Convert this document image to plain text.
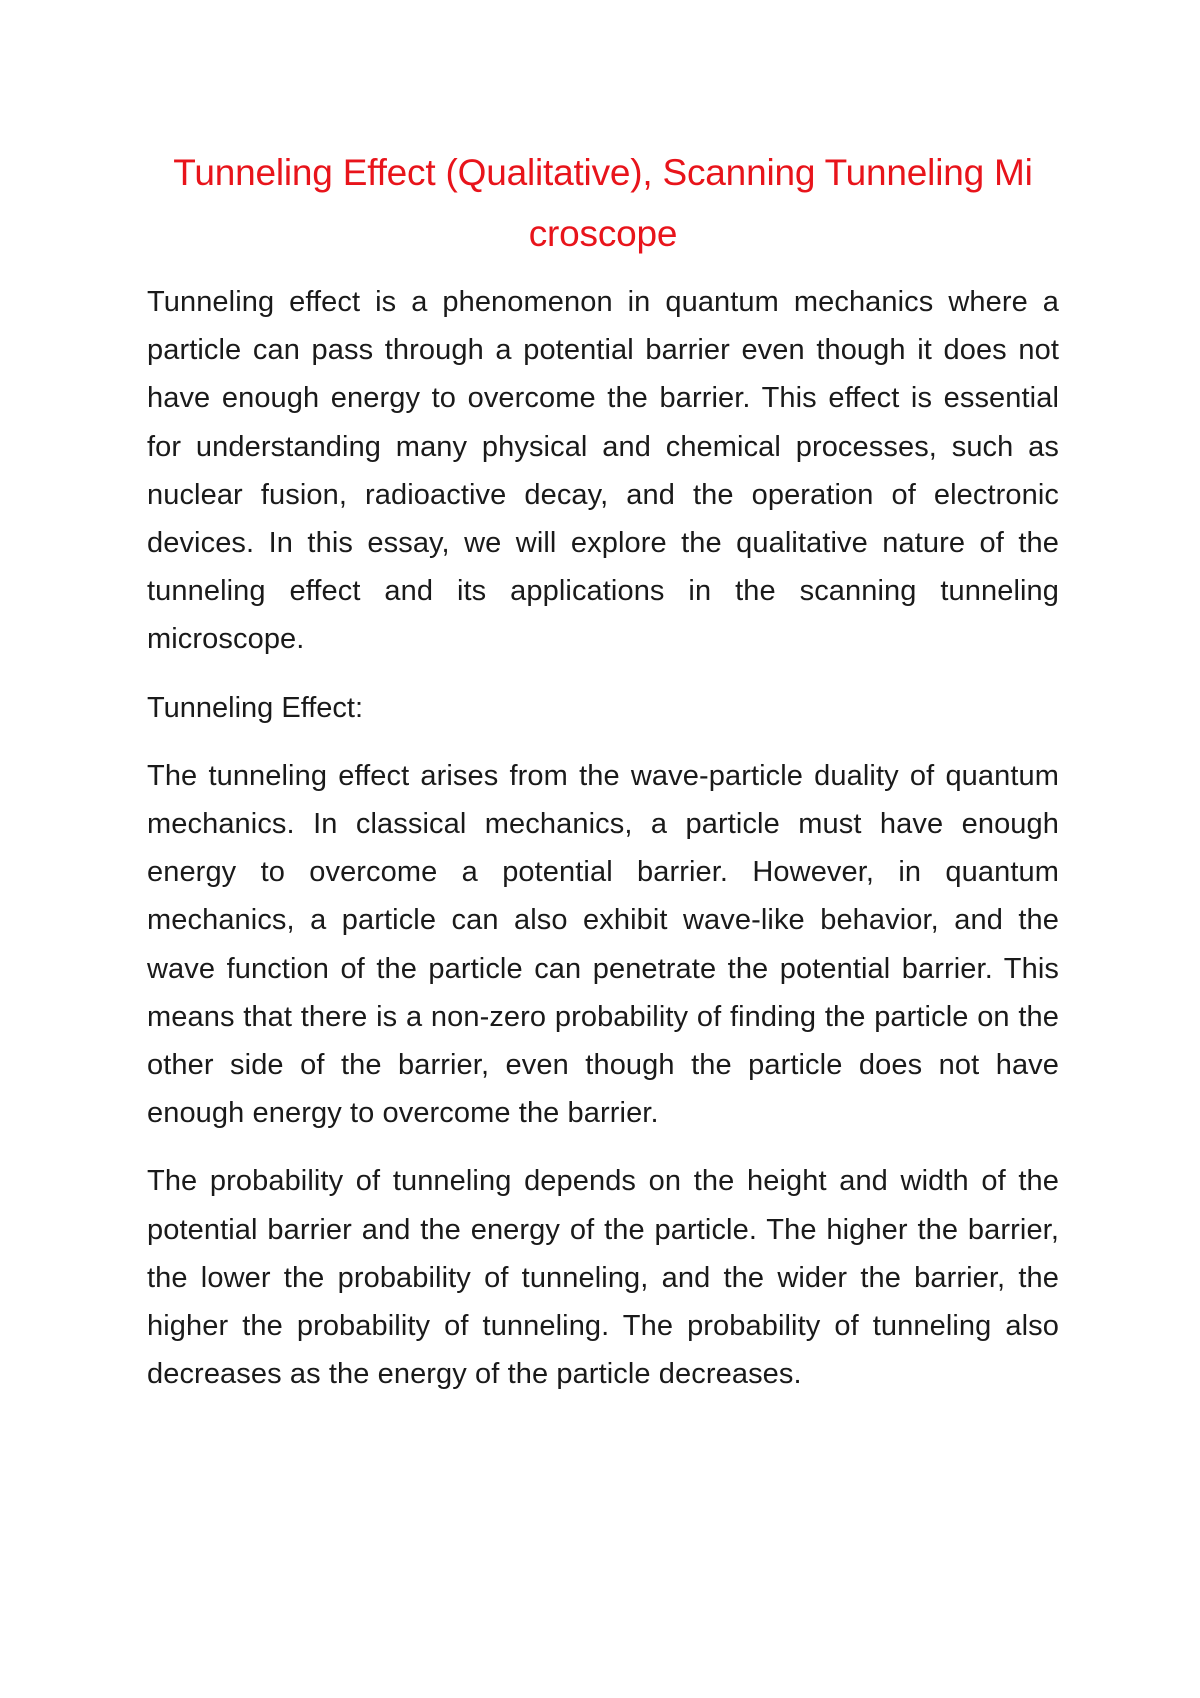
Tunneling Effect (Qualitative), Scanning Tunneling Mi croscope

Tunneling effect is a phenomenon in quantum mechanics where a particle can pass through a potential barrier even though it does not have enough energy to overcome the barrier. This effect is essential for understanding many physical and chemical processes, such as nuclear fusion, radioactive decay, and the operation of electronic devices. In this essay, we will explore the qualitative nature of the tunneling effect and its applications in the scanning tunneling microscope.

Tunneling Effect:

The tunneling effect arises from the wave-particle duality of quantum mechanics. In classical mechanics, a particle must have enough energy to overcome a potential barrier. However, in quantum mechanics, a particle can also exhibit wave-like behavior, and the wave function of the particle can penetrate the potential barrier. This means that there is a non-zero probability of finding the particle on the other side of the barrier, even though the particle does not have enough energy to overcome the barrier.

The probability of tunneling depends on the height and width of the potential barrier and the energy of the particle. The higher the barrier, the lower the probability of tunneling, and the wider the barrier, the higher the probability of tunneling. The probability of tunneling also decreases as the energy of the particle decreases.
